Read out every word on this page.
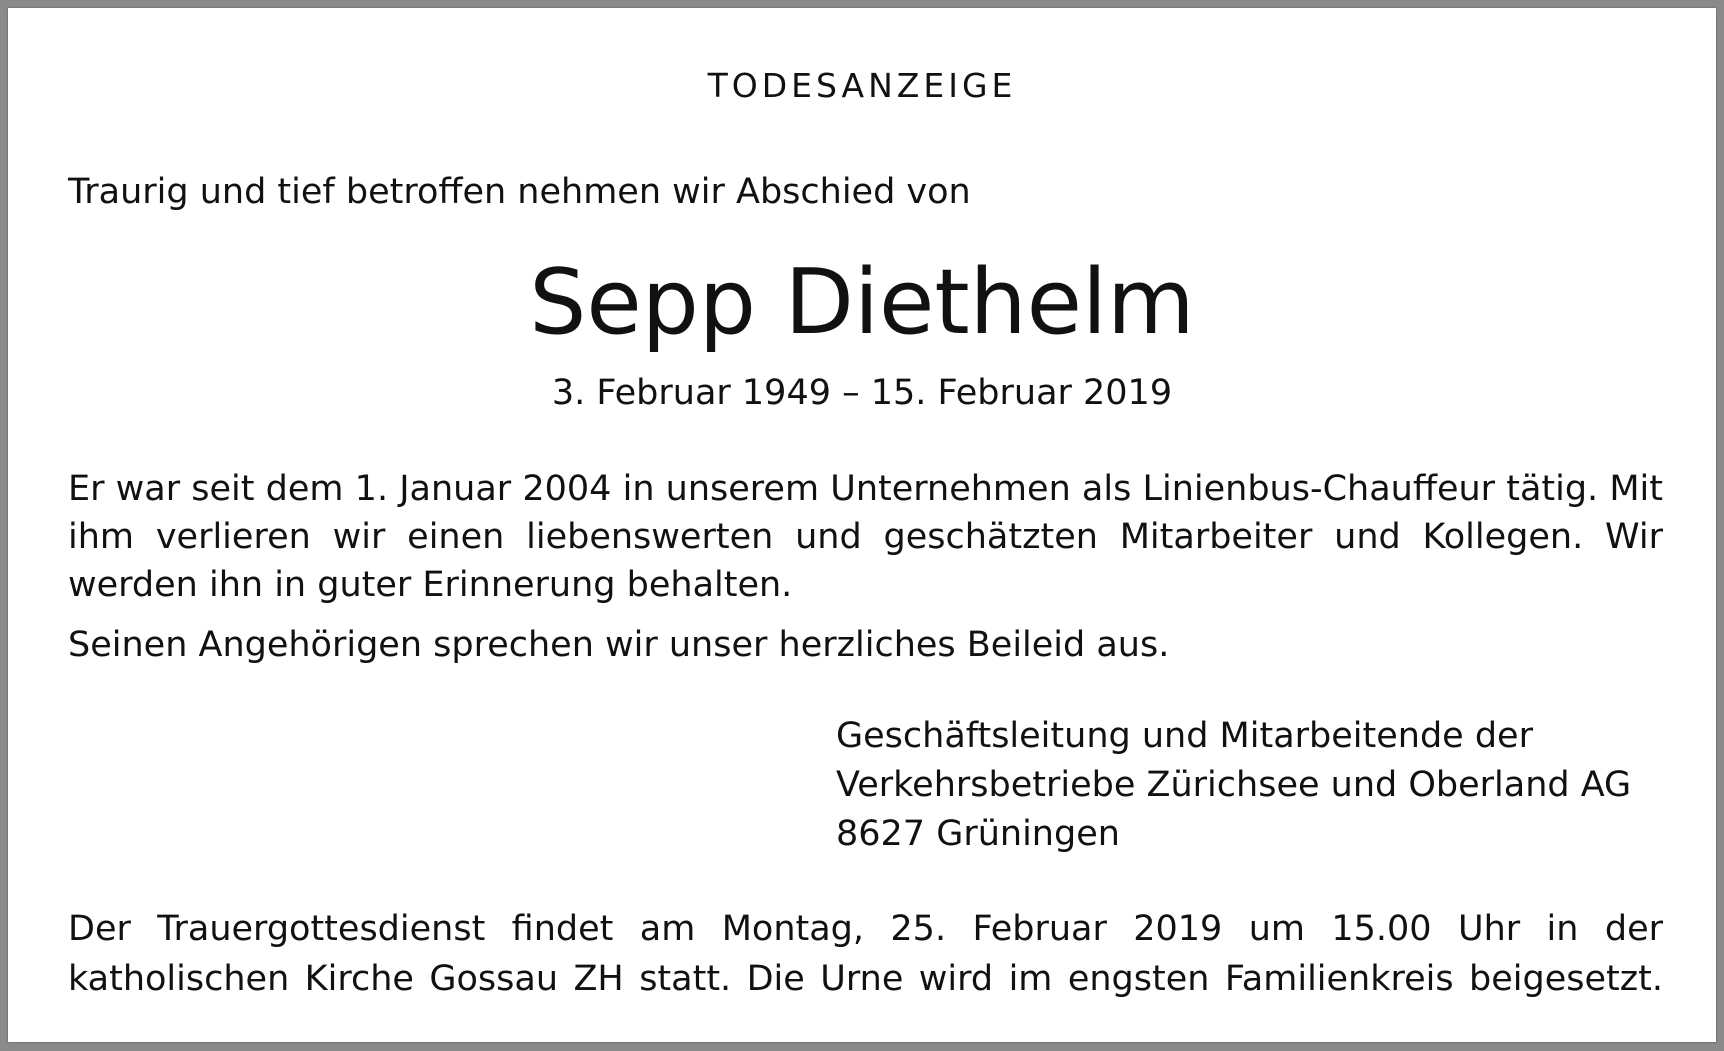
TODESANZEIGE
Traurig und tief betroffen nehmen wir Abschied von
Sepp Diethelm
3. Februar 1949 – 15. Februar 2019
Er war seit dem 1. Januar 2004 in unserem Unternehmen als Linienbus-Chauffeur tätig. Mit ihm verlieren wir einen liebenswerten und geschätzten Mitarbeiter und Kollegen. Wir werden ihn in guter Erinnerung behalten.
Seinen Angehörigen sprechen wir unser herzliches Beileid aus.
Geschäftsleitung und Mitarbeitende der
Verkehrsbetriebe Zürichsee und Oberland AG
8627 Grüningen
Der Trauergottesdienst findet am Montag, 25. Februar 2019 um 15.00 Uhr in der katholischen Kirche Gossau ZH statt. Die Urne wird im engsten Familienkreis beigesetzt.
